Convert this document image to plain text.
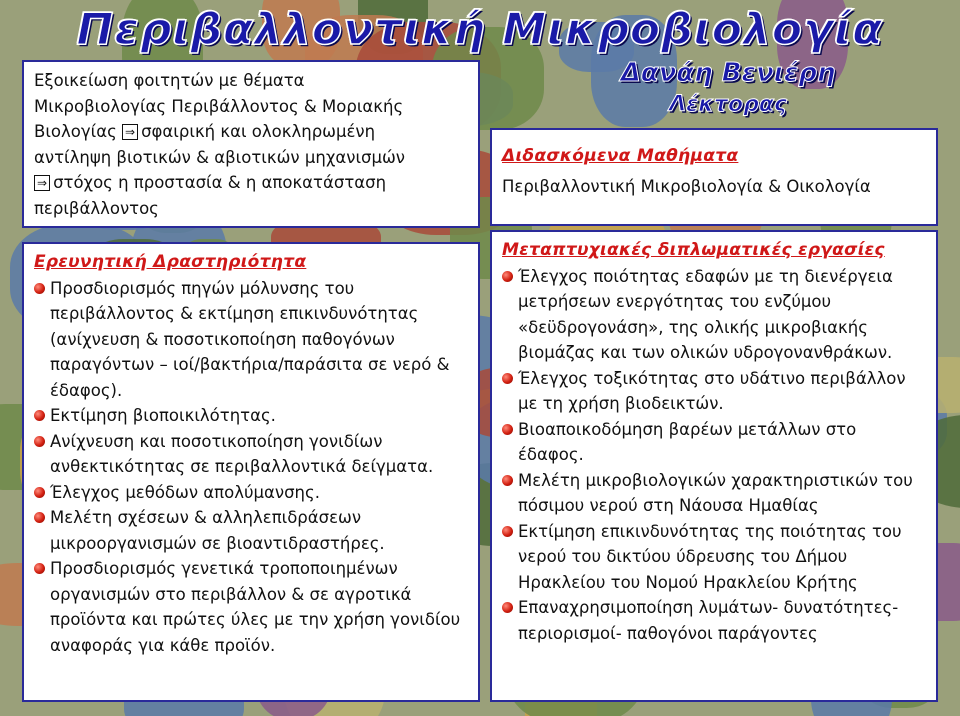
Περιβαλλοντική Μικροβιολογία
Δανάη Βενιέρη
Λέκτορας
Εξοικείωση φοιτητών με θέματα
Μικροβιολογίας Περιβάλλοντος & Μοριακής
Βιολογίας ⇒ σφαιρική και ολοκληρωμένη
αντίληψη βιοτικών & αβιοτικών μηχανισμών
⇒ στόχος η προστασία & η αποκατάσταση
περιβάλλοντος
Διδασκόμενα Μαθήματα
Περιβαλλοντική Μικροβιολογία & Οικολογία
Ερευνητική Δραστηριότητα
Προσδιορισμός πηγών μόλυνσης του περιβάλλοντος & εκτίμηση επικινδυνότητας (ανίχνευση & ποσοτικοποίηση παθογόνων παραγόντων – ιοί/βακτήρια/παράσιτα σε νερό & έδαφος).
Εκτίμηση βιοποικιλότητας.
Ανίχνευση και ποσοτικοποίηση γονιδίων ανθεκτικότητας σε περιβαλλοντικά δείγματα.
Έλεγχος μεθόδων απολύμανσης.
Μελέτη σχέσεων & αλληλεπιδράσεων μικροοργανισμών σε βιοαντιδραστήρες.
Προσδιορισμός γενετικά τροποποιημένων οργανισμών στο περιβάλλον & σε αγροτικά προϊόντα και πρώτες ύλες με την χρήση γονιδίου αναφοράς για κάθε προϊόν.
Μεταπτυχιακές διπλωματικές εργασίες
Έλεγχος ποιότητας εδαφών με τη διενέργεια μετρήσεων ενεργότητας του ενζύμου «δεϋδρογονάση», της ολικής μικροβιακής βιομάζας και των ολικών υδρογονανθράκων.
Έλεγχος τοξικότητας στο υδάτινο περιβάλλον με τη χρήση βιοδεικτών.
Βιοαποικοδόμηση βαρέων μετάλλων στο έδαφος.
Μελέτη μικροβιολογικών χαρακτηριστικών του πόσιμου νερού στη Νάουσα Ημαθίας
Εκτίμηση επικινδυνότητας της ποιότητας του νερού του δικτύου ύδρευσης του Δήμου Ηρακλείου του Νομού Ηρακλείου Κρήτης
Επαναχρησιμοποίηση λυμάτων- δυνατότητες- περιορισμοί- παθογόνοι παράγοντες
